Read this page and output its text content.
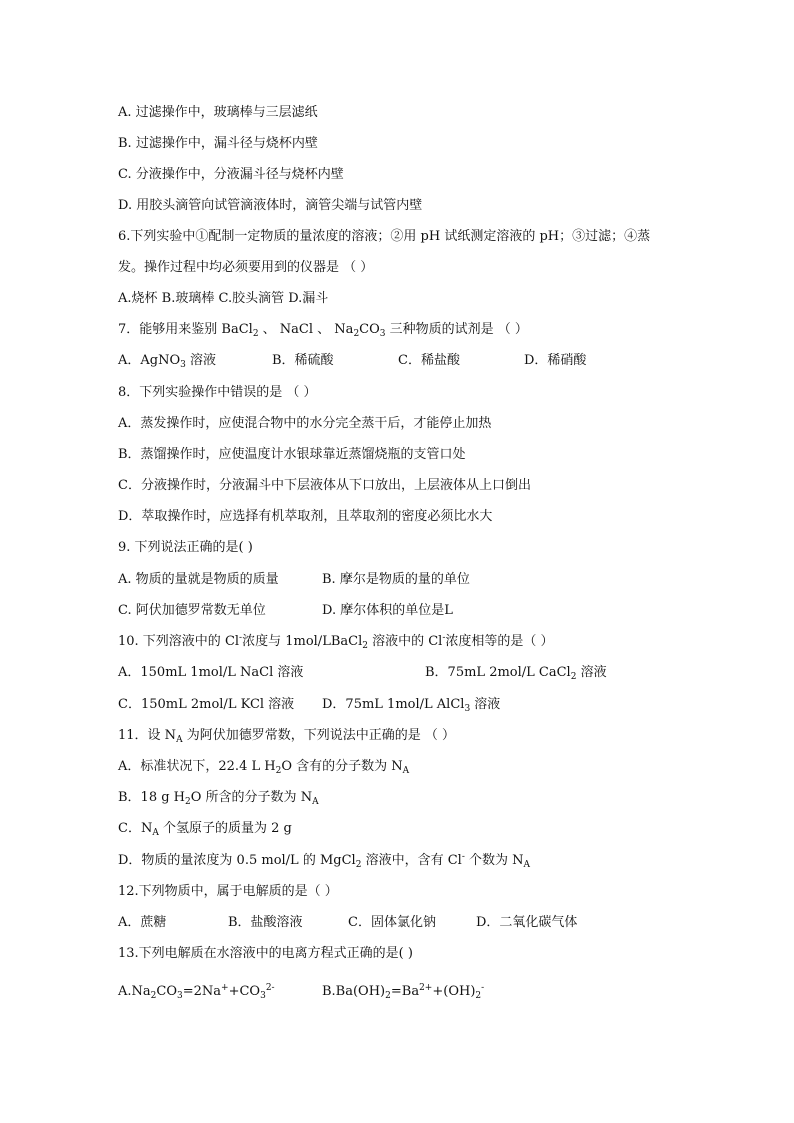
A. 过滤操作中，玻璃棒与三层滤纸
B. 过滤操作中，漏斗径与烧杯内壁
C. 分液操作中，分液漏斗径与烧杯内壁
D. 用胶头滴管向试管滴液体时，滴管尖端与试管内壁
6.下列实验中①配制一定物质的量浓度的溶液；②用 pH 试纸测定溶液的 pH；③过滤；④蒸
发。操作过程中均必须要用到的仪器是 （ ）
A.烧杯 B.玻璃棒 C.胶头滴管 D.漏斗
7．能够用来鉴别 BaCl$_2$ 、 NaCl 、 $Na_2CO_3$ 三种物质的试剂是 （ ）
A．AgNO$_3$ 溶液	B．稀硫酸	C．稀盐酸	D．稀硝酸
8．下列实验操作中错误的是 （ ）
A．蒸发操作时，应使混合物中的水分完全蒸干后，才能停止加热
B．蒸馏操作时，应使温度计水银球靠近蒸馏烧瓶的支管口处
C．分液操作时，分液漏斗中下层液体从下口放出，上层液体从上口倒出
D．萃取操作时，应选择有机萃取剂，且萃取剂的密度必须比水大
9. 下列说法正确的是( )
A. 物质的量就是物质的质量	B. 摩尔是物质的量的单位
C. 阿伏加德罗常数无单位	D. 摩尔体积的单位是L
10. 下列溶液中的 Cl-浓度与 1mol/LBaCl$_2$ 溶液中的 Cl-浓度相等的是（ ）
A．150mL 1mol/L NaCl 溶液	B．75mL 2mol/L CaCl$_2$ 溶液
C．150mL 2mol/L KCl 溶液 D．75mL 1mol/L AlCl$_3$ 溶液
11．设 $N_A$ 为阿伏加德罗常数，下列说法中正确的是 （ ）
A．标准状况下，22.4 L $H_2O$ 含有的分子数为 $N_A$
B．18 g $H_2O$ 所含的分子数为 $N_A$
C．$N_A$ 个氢原子的质量为 2 g
D．物质的量浓度为 0.5 mol/L 的 MgCl$_2$ 溶液中，含有 Cl- 个数为 $N_A$
12.下列物质中，属于电解质的是（ ）
A．蔗糖	B．盐酸溶液	C．固体氯化钠	D．二氧化碳气体
13.下列电解质在水溶液中的电离方程式正确的是( )
$A.Na_2CO_3=2Na^++CO_3^{2-}$	$B.Ba(OH)_2=Ba^{2+}+(OH)_2^-$
